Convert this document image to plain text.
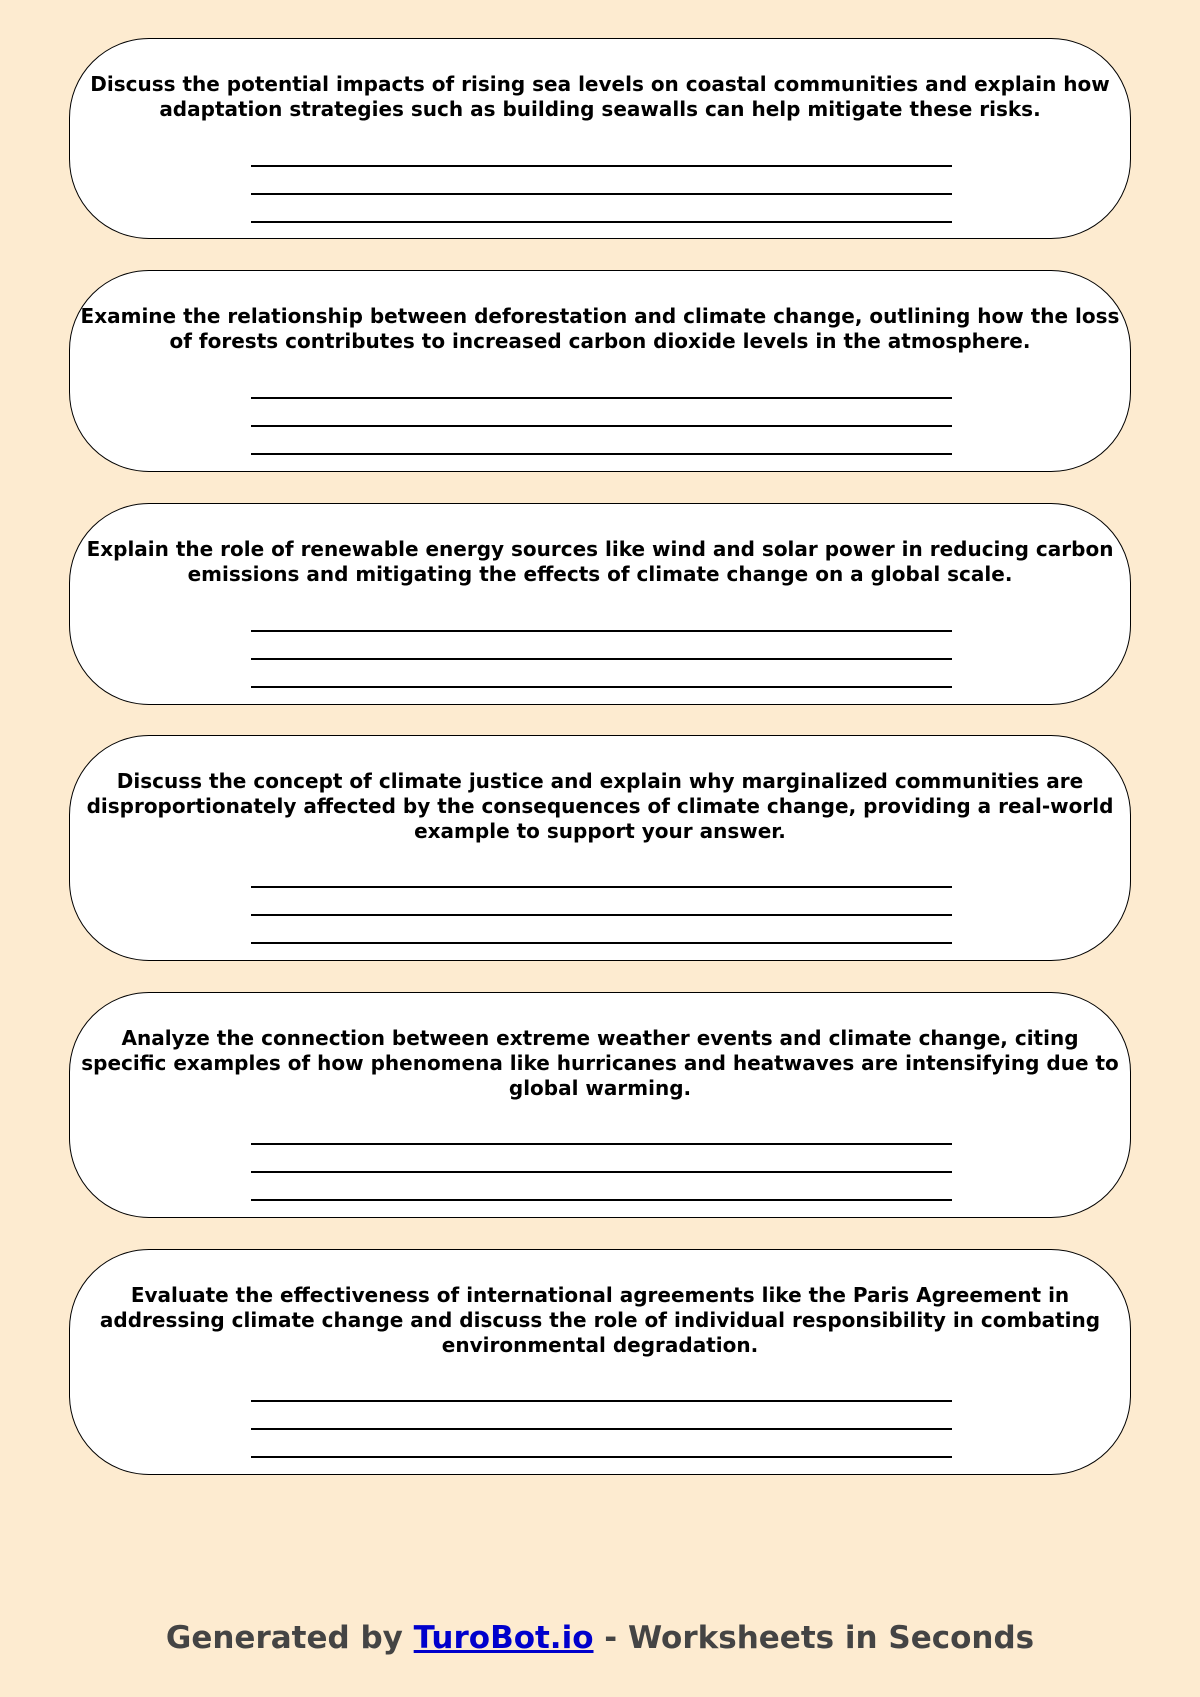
Discuss the potential impacts of rising sea levels on coastal communities and explain how adaptation strategies such as building seawalls can help mitigate these risks.

Examine the relationship between deforestation and climate change, outlining how the loss of forests contributes to increased carbon dioxide levels in the atmosphere.

Explain the role of renewable energy sources like wind and solar power in reducing carbon emissions and mitigating the effects of climate change on a global scale.

Discuss the concept of climate justice and explain why marginalized communities are disproportionately affected by the consequences of climate change, providing a real-world example to support your answer.

Analyze the connection between extreme weather events and climate change, citing specific examples of how phenomena like hurricanes and heatwaves are intensifying due to global warming.

Evaluate the effectiveness of international agreements like the Paris Agreement in addressing climate change and discuss the role of individual responsibility in combating environmental degradation.

Generated by TuroBot.io - Worksheets in Seconds
